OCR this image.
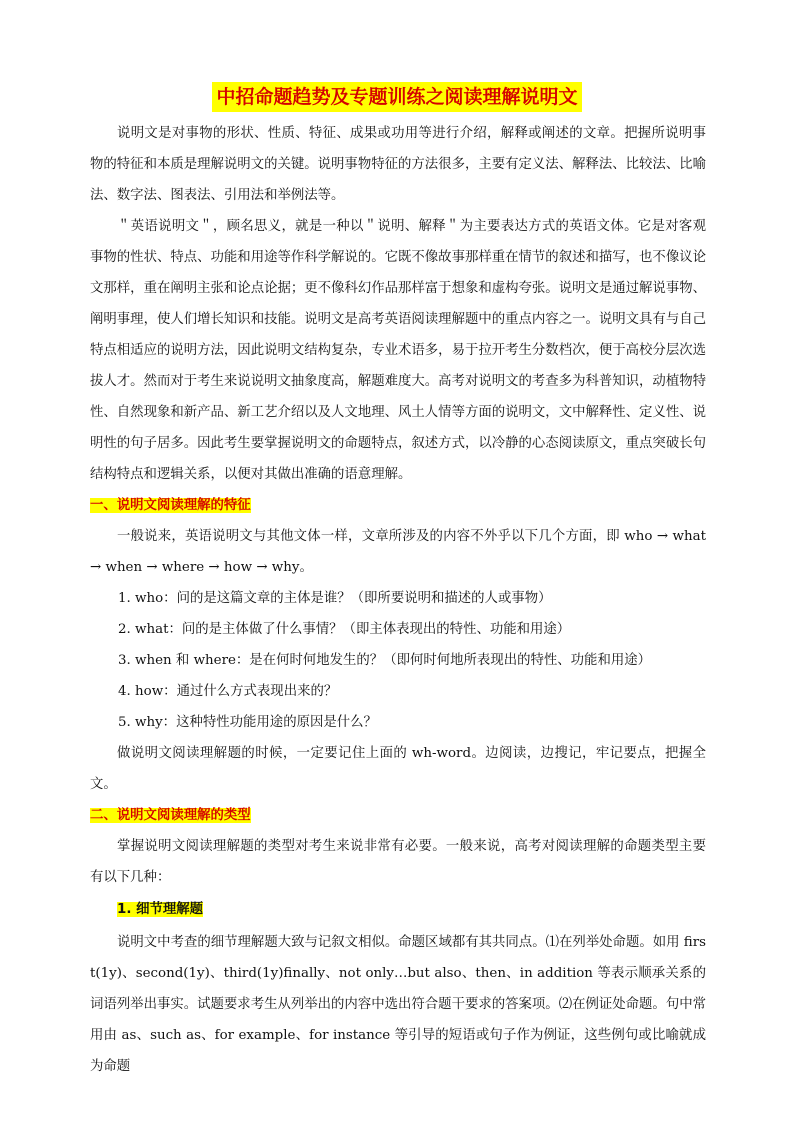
中招命题趋势及专题训练之阅读理解说明文

说明文是对事物的形状、性质、特征、成果或功用等进行介绍，解释或阐述的文章。把握所说明事物的特征和本质是理解说明文的关键。说明事物特征的方法很多，主要有定义法、解释法、比较法、比喻法、数字法、图表法、引用法和举例法等。

＂英语说明文＂，顾名思义，就是一种以＂说明、解释＂为主要表达方式的英语文体。它是对客观事物的性状、特点、功能和用途等作科学解说的。它既不像故事那样重在情节的叙述和描写，也不像议论文那样，重在阐明主张和论点论据；更不像科幻作品那样富于想象和虚构夸张。说明文是通过解说事物、阐明事理，使人们增长知识和技能。说明文是高考英语阅读理解题中的重点内容之一。说明文具有与自己特点相适应的说明方法，因此说明文结构复杂，专业术语多，易于拉开考生分数档次，便于高校分层次选拔人才。然而对于考生来说说明文抽象度高，解题难度大。高考对说明文的考查多为科普知识，动植物特性、自然现象和新产品、新工艺介绍以及人文地理、风土人情等方面的说明文，文中解释性、定义性、说明性的句子居多。因此考生要掌握说明文的命题特点，叙述方式，以冷静的心态阅读原文，重点突破长句结构特点和逻辑关系，以便对其做出准确的语意理解。

一、说明文阅读理解的特征

一般说来，英语说明文与其他文体一样，文章所涉及的内容不外乎以下几个方面，即 who → what → when → where → how → why。

1. who：问的是这篇文章的主体是谁？（即所要说明和描述的人或事物）

2. what：问的是主体做了什么事情？（即主体表现出的特性、功能和用途）

3. when 和 where：是在何时何地发生的？（即何时何地所表现出的特性、功能和用途）

4. how：通过什么方式表现出来的？

5. why：这种特性功能用途的原因是什么？

做说明文阅读理解题的时候，一定要记住上面的 wh-word。边阅读，边搜记，牢记要点，把握全文。

二、说明文阅读理解的类型

掌握说明文阅读理解题的类型对考生来说非常有必要。一般来说，高考对阅读理解的命题类型主要有以下几种：

1. 细节理解题

说明文中考查的细节理解题大致与记叙文相似。命题区域都有其共同点。⑴在列举处命题。如用 first(1y)、second(1y)、third(1y)finally、not only…but also、then、in addition 等表示顺承关系的词语列举出事实。试题要求考生从列举出的内容中选出符合题干要求的答案项。⑵在例证处命题。句中常用由 as、such as、for example、for instance 等引导的短语或句子作为例证，这些例句或比喻就成为命题
